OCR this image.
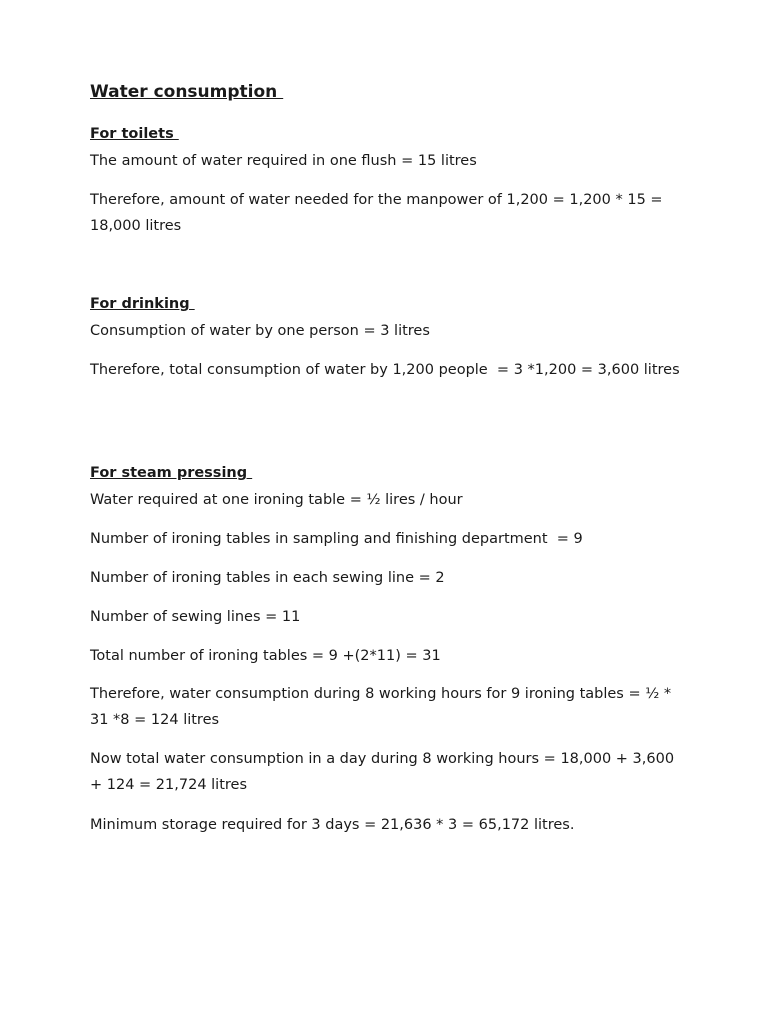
Water consumption
For toilets

The amount of water required in one flush = 15 litres

Therefore, amount of water needed for the manpower of 1,200 = 1,200 * 15 = 18,000 litres

For drinking

Consumption of water by one person = 3 litres

Therefore, total consumption of water by 1,200 people  = 3 *1,200 = 3,600 litres

For steam pressing

Water required at one ironing table = ½ lires / hour

Number of ironing tables in sampling and finishing department  = 9

Number of ironing tables in each sewing line = 2

Number of sewing lines = 11

Total number of ironing tables = 9 +(2*11) = 31

Therefore, water consumption during 8 working hours for 9 ironing tables = ½ * 31 *8 = 124 litres

Now total water consumption in a day during 8 working hours = 18,000 + 3,600 + 124 = 21,724 litres

Minimum storage required for 3 days = 21,636 * 3 = 65,172 litres.
